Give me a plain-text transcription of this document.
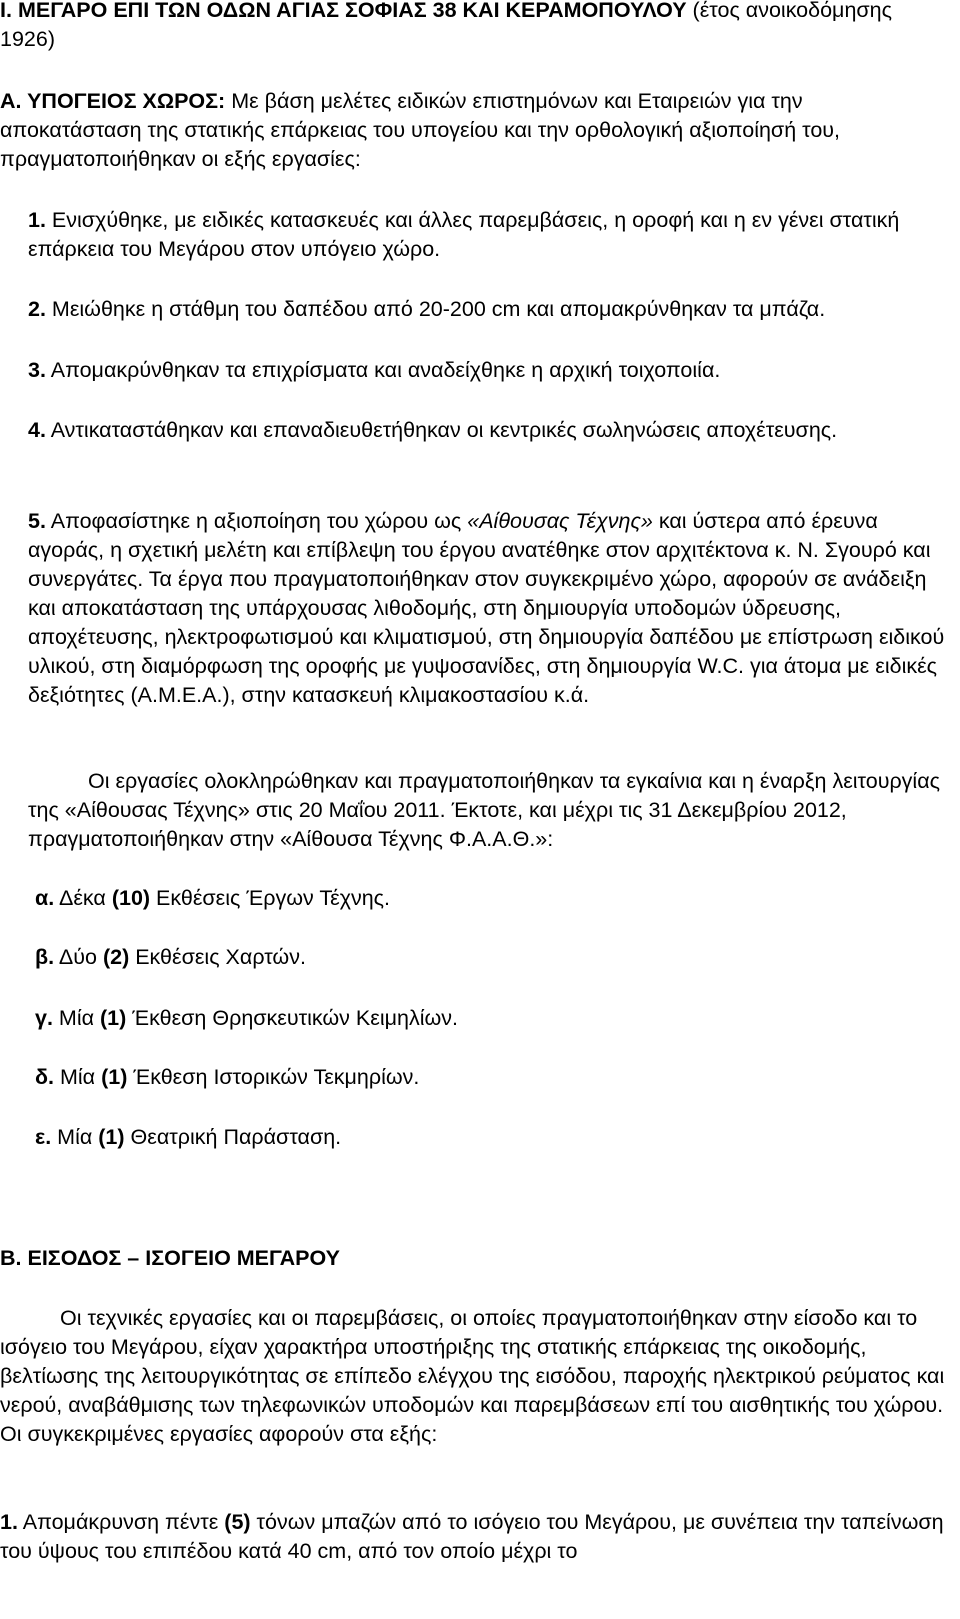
Ι. ΜΕΓΑΡΟ ΕΠΙ ΤΩΝ ΟΔΩΝ ΑΓΙΑΣ ΣΟΦΙΑΣ 38 ΚΑΙ ΚΕΡΑΜΟΠΟΥΛΟΥ (έτος ανοικοδόμησης 1926)

Α. ΥΠΟΓΕΙΟΣ ΧΩΡΟΣ: Με βάση μελέτες ειδικών επιστημόνων και Εταιρειών για την αποκατάσταση της στατικής επάρκειας του υπογείου και την ορθολογική αξιοποίησή του, πραγματοποιήθηκαν οι εξής εργασίες:

1. Ενισχύθηκε, με ειδικές κατασκευές και άλλες παρεμβάσεις, η οροφή και η εν γένει στατική επάρκεια του Μεγάρου στον υπόγειο χώρο.

2. Μειώθηκε η στάθμη του δαπέδου από 20-200 cm και απομακρύνθηκαν τα μπάζα.

3. Απομακρύνθηκαν τα επιχρίσματα και αναδείχθηκε η αρχική τοιχοποιία.

4. Αντικαταστάθηκαν και επαναδιευθετήθηκαν οι κεντρικές σωληνώσεις αποχέτευσης.

5. Αποφασίστηκε η αξιοποίηση του χώρου ως «Αίθουσας Τέχνης» και ύστερα από έρευνα αγοράς, η σχετική μελέτη και επίβλεψη του έργου ανατέθηκε στον αρχιτέκτονα κ. Ν. Σγουρό και συνεργάτες. Τα έργα που πραγματοποιήθηκαν στον συγκεκριμένο χώρο, αφορούν σε ανάδειξη και αποκατάσταση της υπάρχουσας λιθοδομής, στη δημιουργία υποδομών ύδρευσης, αποχέτευσης, ηλεκτροφωτισμού και κλιματισμού, στη δημιουργία δαπέδου με επίστρωση ειδικού υλικού, στη διαμόρφωση της οροφής με γυψοσανίδες, στη δημιουργία W.C. για άτομα με ειδικές δεξιότητες (Α.Μ.Ε.Α.), στην κατασκευή κλιμακοστασίου κ.ά.

Οι εργασίες ολοκληρώθηκαν και πραγματοποιήθηκαν τα εγκαίνια και η έναρξη λειτουργίας της «Αίθουσας Τέχνης» στις 20 Μαΐου 2011. Έκτοτε, και μέχρι τις 31 Δεκεμβρίου 2012, πραγματοποιήθηκαν στην «Αίθουσα Τέχνης Φ.Α.Α.Θ.»:

α. Δέκα (10) Εκθέσεις Έργων Τέχνης.

β. Δύο (2) Εκθέσεις Χαρτών.

γ. Μία (1) Έκθεση Θρησκευτικών Κειμηλίων.

δ. Μία (1) Έκθεση Ιστορικών Τεκμηρίων.

ε. Μία (1) Θεατρική Παράσταση.

Β. ΕΙΣΟΔΟΣ – ΙΣΟΓΕΙΟ ΜΕΓΑΡΟΥ

Οι τεχνικές εργασίες και οι παρεμβάσεις, οι οποίες πραγματοποιήθηκαν στην είσοδο και το ισόγειο του Μεγάρου, είχαν χαρακτήρα υποστήριξης της στατικής επάρκειας της οικοδομής, βελτίωσης της λειτουργικότητας σε επίπεδο ελέγχου της εισόδου, παροχής ηλεκτρικού ρεύματος και νερού, αναβάθμισης των τηλεφωνικών υποδομών και παρεμβάσεων επί του αισθητικής του χώρου. Οι συγκεκριμένες εργασίες αφορούν στα εξής:

1. Απομάκρυνση πέντε (5) τόνων μπαζών από το ισόγειο του Μεγάρου, με συνέπεια την ταπείνωση του ύψους του επιπέδου κατά 40 cm, από τον οποίο μέχρι το
